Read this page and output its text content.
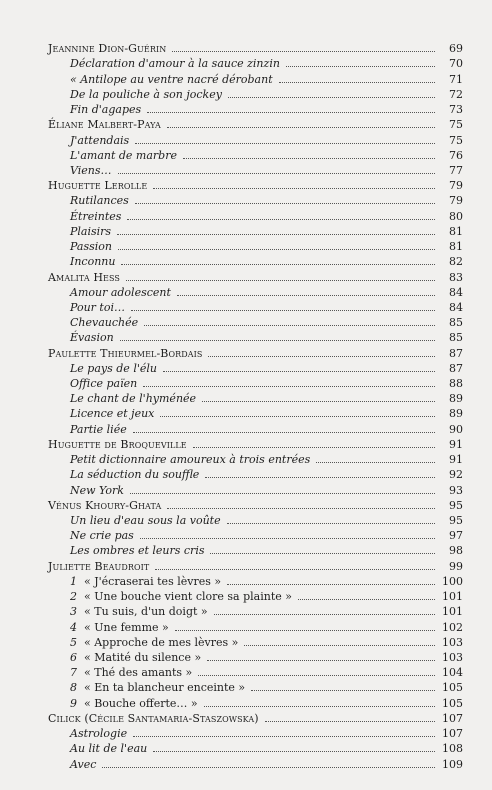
Jeannine Dion-Guérin	69
Déclaration d'amour à la sauce zinzin	70
« Antilope au ventre nacré dérobant	71
De la pouliche à son jockey	72
Fin d'agapes	73
Éliane Malbert-Paya	75
J'attendais	75
L'amant de marbre	76
Viens…	77
Huguette Lerolle	79
Rutilances	79
Étreintes	80
Plaisirs	81
Passion	81
Inconnu	82
Amalita Hess	83
Amour adolescent	84
Pour toi…	84
Chevauchée	85
Évasion	85
Paulette Thieurmel-Bordais	87
Le pays de l'élu	87
Office païen	88
Le chant de l'hyménée	89
Licence et jeux	89
Partie liée	90
Huguette de Broqueville	91
Petit dictionnaire amoureux à trois entrées	91
La séduction du souffle	92
New York	93
Vénus Khoury-Ghata	95
Un lieu d'eau sous la voûte	95
Ne crie pas	97
Les ombres et leurs cris	98
Juliette Beaudroit	99
1 « J'écraserai tes lèvres »	100
2 « Une bouche vient clore sa plainte »	101
3 « Tu suis, d'un doigt »	101
4 « Une femme »	102
5 « Approche de mes lèvres »	103
6 « Matité du silence »	103
7 « Thé des amants »	104
8 « En ta blancheur enceinte »	105
9 « Bouche offerte… »	105
Cilick (Cécile Santamaria-Staszowska)	107
Astrologie	107
Au lit de l'eau	108
Avec	109
